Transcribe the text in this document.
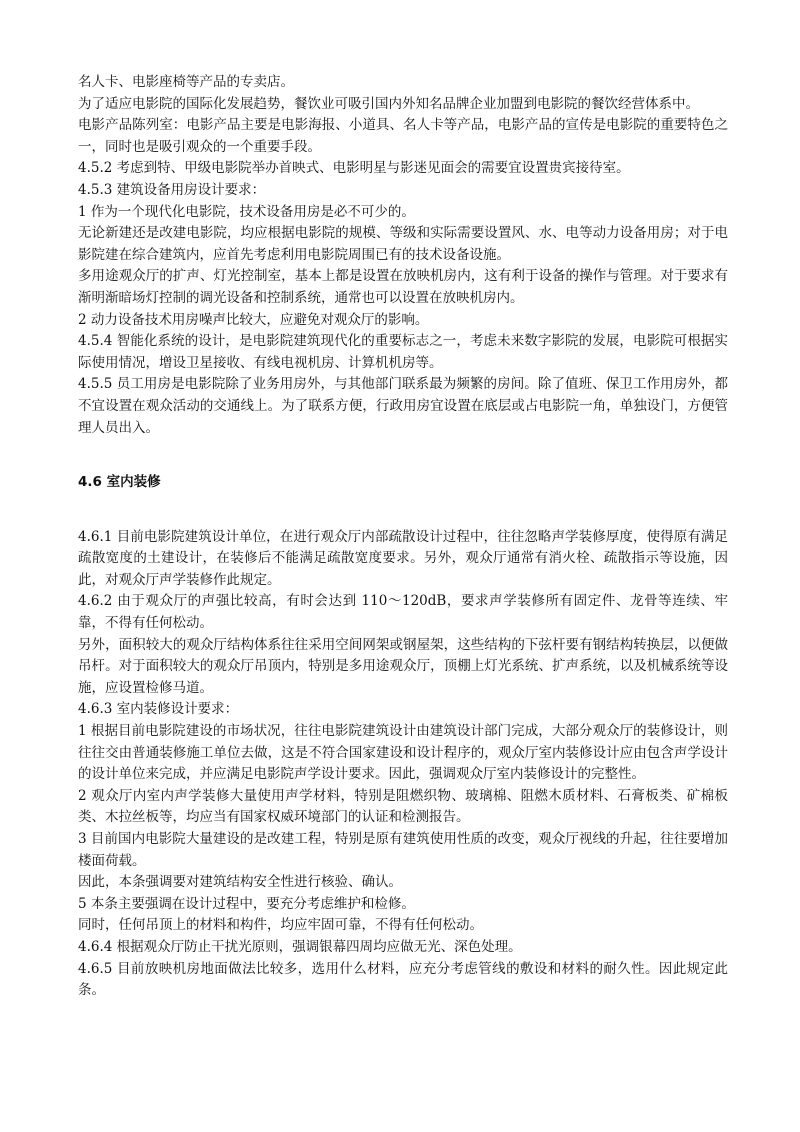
名人卡、电影座椅等产品的专卖店。

为了适应电影院的国际化发展趋势，餐饮业可吸引国内外知名品牌企业加盟到电影院的餐饮经营体系中。

电影产品陈列室：电影产品主要是电影海报、小道具、名人卡等产品，电影产品的宣传是电影院的重要特色之一，同时也是吸引观众的一个重要手段。

4.5.2 考虑到特、甲级电影院举办首映式、电影明星与影迷见面会的需要宜设置贵宾接待室。

4.5.3 建筑设备用房设计要求：

1 作为一个现代化电影院，技术设备用房是必不可少的。

无论新建还是改建电影院，均应根据电影院的规模、等级和实际需要设置风、水、电等动力设备用房；对于电影院建在综合建筑内，应首先考虑利用电影院周围已有的技术设备设施。

多用途观众厅的扩声、灯光控制室，基本上都是设置在放映机房内，这有利于设备的操作与管理。对于要求有渐明渐暗场灯控制的调光设备和控制系统，通常也可以设置在放映机房内。

2 动力设备技术用房噪声比较大，应避免对观众厅的影响。

4.5.4 智能化系统的设计，是电影院建筑现代化的重要标志之一，考虑未来数字影院的发展，电影院可根据实际使用情况，增设卫星接收、有线电视机房、计算机机房等。

4.5.5 员工用房是电影院除了业务用房外，与其他部门联系最为频繁的房间。除了值班、保卫工作用房外，都不宜设置在观众活动的交通线上。为了联系方便，行政用房宜设置在底层或占电影院一角，单独设门，方便管理人员出入。

4.6 室内装修

4.6.1 目前电影院建筑设计单位，在进行观众厅内部疏散设计过程中，往往忽略声学装修厚度，使得原有满足疏散宽度的土建设计，在装修后不能满足疏散宽度要求。另外，观众厅通常有消火栓、疏散指示等设施，因此，对观众厅声学装修作此规定。

4.6.2 由于观众厅的声强比较高，有时会达到 110～120dB，要求声学装修所有固定件、龙骨等连续、牢靠，不得有任何松动。

另外，面积较大的观众厅结构体系往往采用空间网架或钢屋架，这些结构的下弦杆要有钢结构转换层，以便做吊杆。对于面积较大的观众厅吊顶内，特别是多用途观众厅，顶棚上灯光系统、扩声系统，以及机械系统等设施，应设置检修马道。

4.6.3 室内装修设计要求：

1 根据目前电影院建设的市场状况，往往电影院建筑设计由建筑设计部门完成，大部分观众厅的装修设计，则往往交由普通装修施工单位去做，这是不符合国家建设和设计程序的，观众厅室内装修设计应由包含声学设计的设计单位来完成，并应满足电影院声学设计要求。因此，强调观众厅室内装修设计的完整性。

2 观众厅内室内声学装修大量使用声学材料，特别是阻燃织物、玻璃棉、阻燃木质材料、石膏板类、矿棉板类、木拉丝板等，均应当有国家权威环境部门的认证和检测报告。

3 目前国内电影院大量建设的是改建工程，特别是原有建筑使用性质的改变，观众厅视线的升起，往往要增加楼面荷载。

因此，本条强调要对建筑结构安全性进行核验、确认。

5 本条主要强调在设计过程中，要充分考虑维护和检修。

同时，任何吊顶上的材料和构件，均应牢固可靠，不得有任何松动。

4.6.4 根据观众厅防止干扰光原则，强调银幕四周均应做无光、深色处理。

4.6.5 目前放映机房地面做法比较多，选用什么材料，应充分考虑管线的敷设和材料的耐久性。因此规定此条。
